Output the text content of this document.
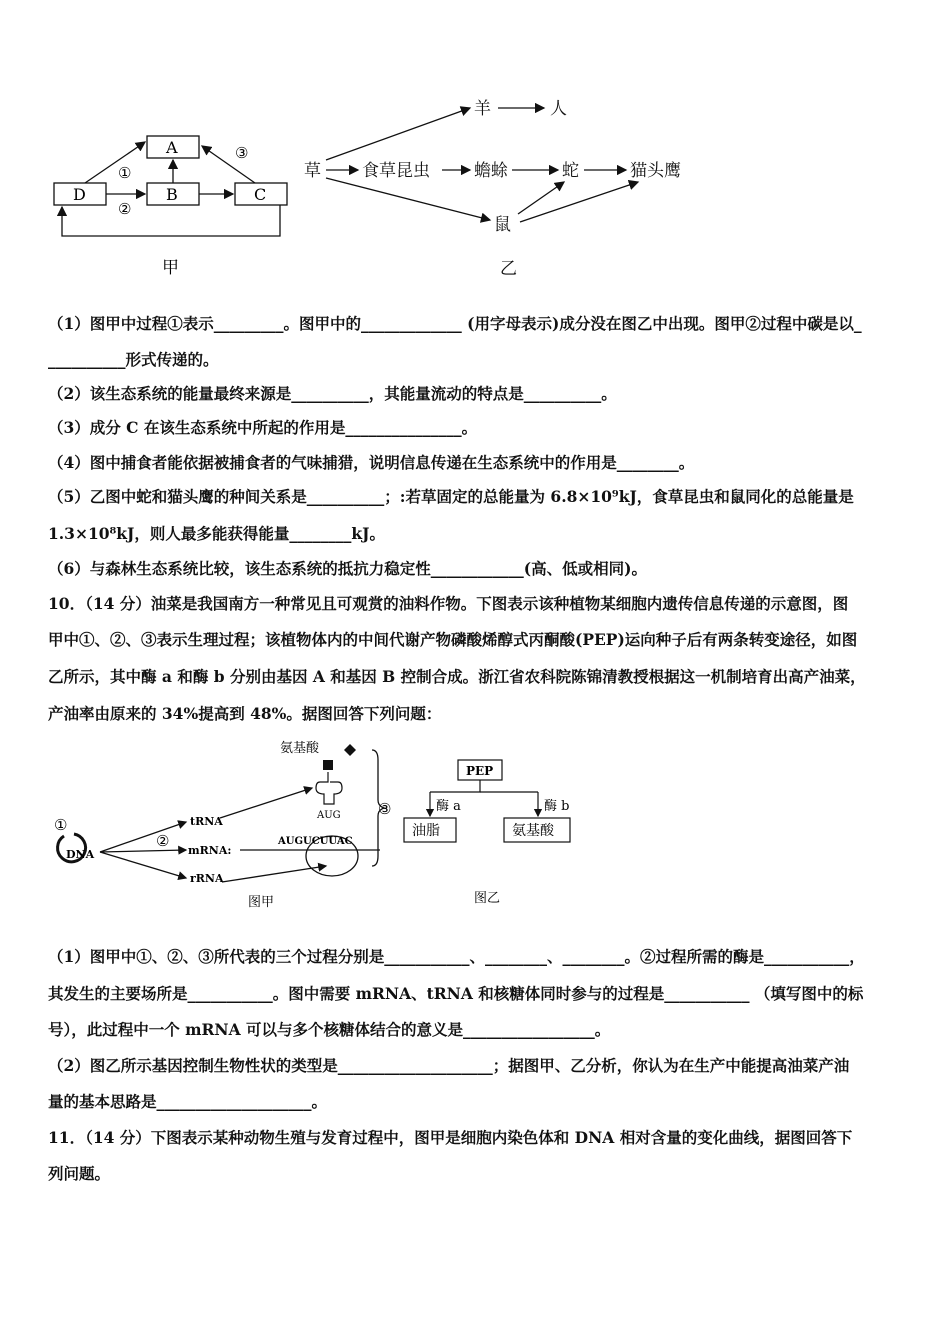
A
D	B	C
①
②
③
甲
草 食草昆虫	蟾蜍	蛇	猫头鹰
羊	人
鼠
乙
（1）图甲中过程①表示_________。图甲中的_____________ (用字母表示)成分没在图乙中出现。图甲②过程中碳是以_
__________形式传递的。
（2）该生态系统的能量最终来源是__________，其能量流动的特点是__________。
（3）成分 C 在该生态系统中所起的作用是_______________。
（4）图中捕食者能依据被捕食者的气味捕猎，说明信息传递在生态系统中的作用是________。
（5）乙图中蛇和猫头鹰的种间关系是__________；:若草固定的总能量为 6.8×10⁹kJ，食草昆虫和鼠同化的总能量是
1.3×10⁸kJ，则人最多能获得能量________kJ。
（6）与森林生态系统比较，该生态系统的抵抗力稳定性____________(高、低或相同)。
10．（14 分）油菜是我国南方一种常见且可观赏的油料作物。下图表示该种植物某细胞内遗传信息传递的示意图，图
甲中①、②、③表示生理过程；该植物体内的中间代谢产物磷酸烯醇式丙酮酸(PEP)运向种子后有两条转变途径，如图
乙所示，其中酶 a 和酶 b 分别由基因 A 和基因 B 控制合成。浙江省农科院陈锦清教授根据这一机制培育出高产油菜，
产油率由原来的 34%提高到 48%。据图回答下列问题：
氨基酸
AUG
①
DNA
②
tRNA
mRNA:
rRNA
AUGUCUUAC
③
图甲
PEP
酶 a	酶 b
油脂	氨基酸
图乙
（1）图甲中①、②、③所代表的三个过程分别是___________、________、________。②过程所需的酶是___________，
其发生的主要场所是___________。图中需要 mRNA、tRNA 和核糖体同时参与的过程是___________ （填写图中的标
号），此过程中一个 mRNA 可以与多个核糖体结合的意义是_________________。
（2）图乙所示基因控制生物性状的类型是____________________；据图甲、乙分析，你认为在生产中能提高油菜产油
量的基本思路是____________________。
11．（14 分）下图表示某种动物生殖与发育过程中，图甲是细胞内染色体和 DNA 相对含量的变化曲线，据图回答下
列问题。
